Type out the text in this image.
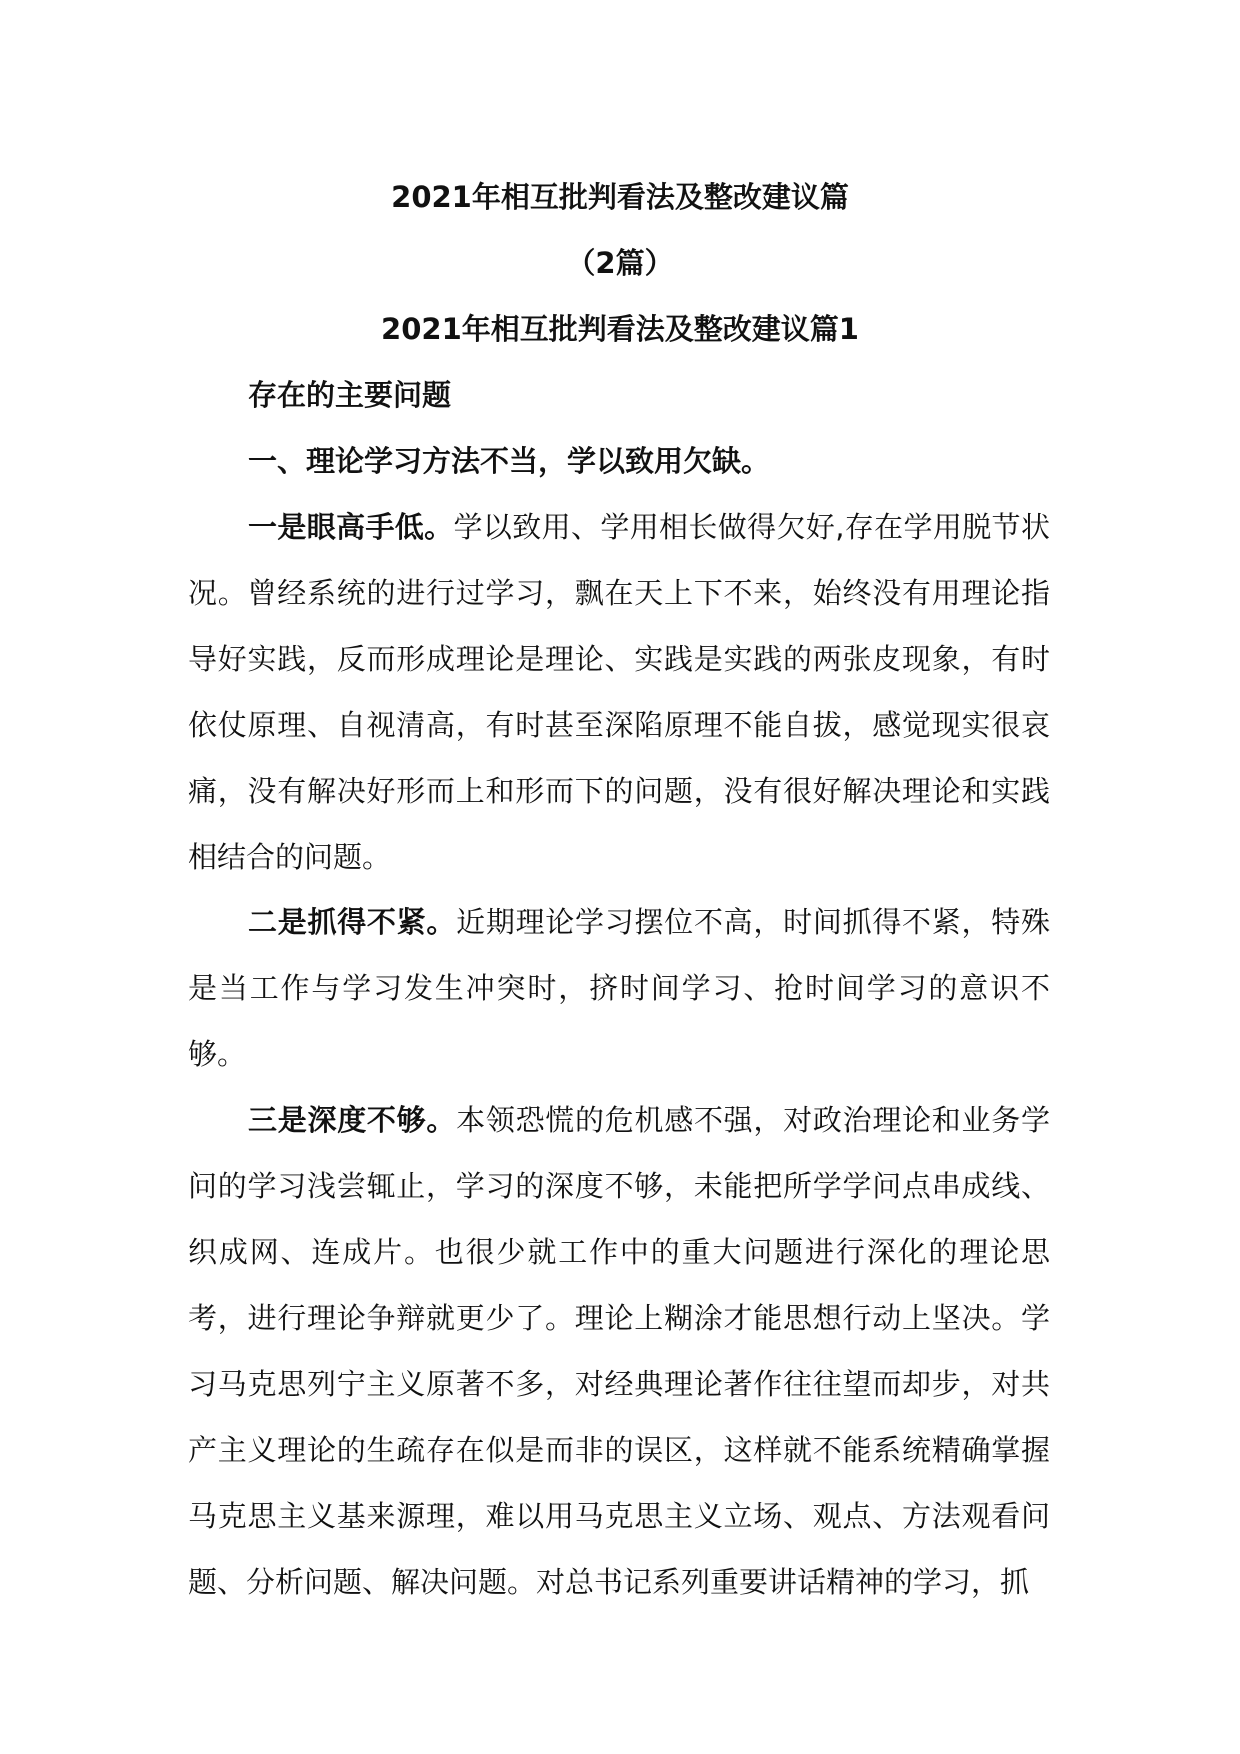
2021年相互批判看法及整改建议篇
（2篇）
2021年相互批判看法及整改建议篇1
存在的主要问题
一、理论学习方法不当，学以致用欠缺。

一是眼高手低。学以致用、学用相长做得欠好,存在学用脱节状况。曾经系统的进行过学习，飘在天上下不来，始终没有用理论指导好实践，反而形成理论是理论、实践是实践的两张皮现象，有时依仗原理、自视清高，有时甚至深陷原理不能自拔，感觉现实很哀痛，没有解决好形而上和形而下的问题，没有很好解决理论和实践相结合的问题。

二是抓得不紧。近期理论学习摆位不高，时间抓得不紧，特殊是当工作与学习发生冲突时，挤时间学习、抢时间学习的意识不够。

三是深度不够。本领恐慌的危机感不强，对政治理论和业务学问的学习浅尝辄止，学习的深度不够，未能把所学学问点串成线、织成网、连成片。也很少就工作中的重大问题进行深化的理论思考，进行理论争辩就更少了。理论上糊涂才能思想行动上坚决。学习马克思列宁主义原著不多，对经典理论著作往往望而却步，对共产主义理论的生疏存在似是而非的误区，这样就不能系统精确掌握马克思主义基来源理，难以用马克思主义立场、观点、方法观看问题、分析问题、解决问题。对总书记系列重要讲话精神的学习，抓
